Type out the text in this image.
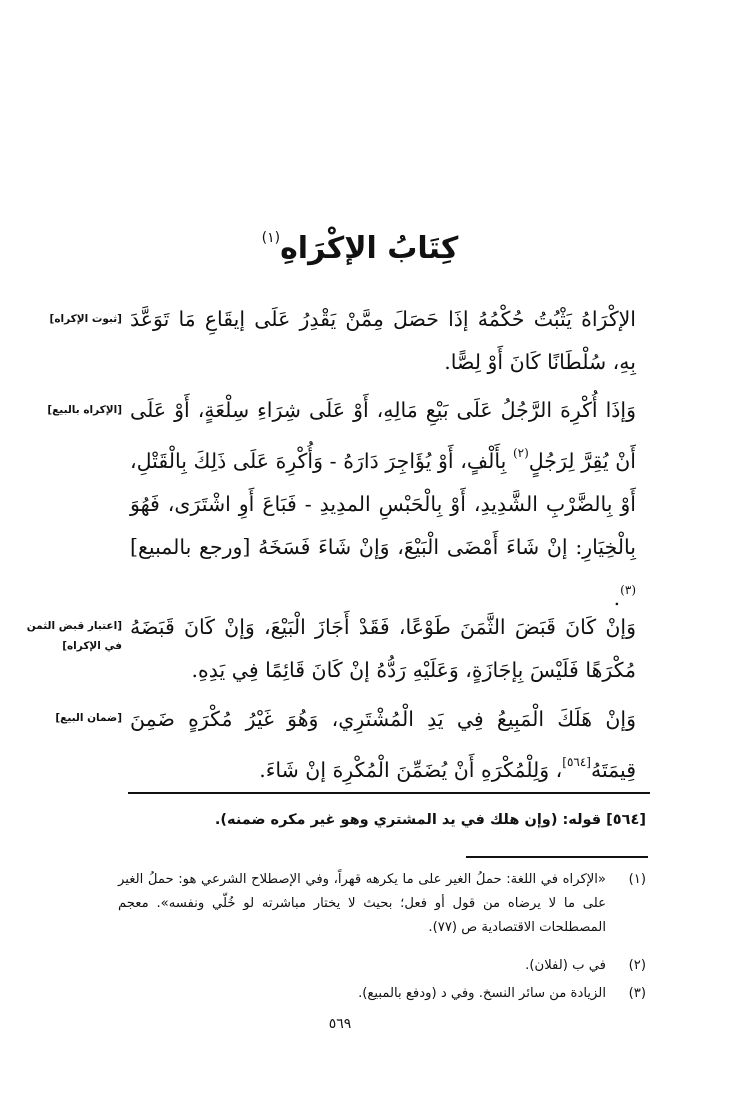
كِتَابُ الإكْرَاهِ$^{(١)}$
[ثبوت الإكراه] الإكْرَاهُ يَثْبُتُ حُكْمُهُ إذَا حَصَلَ مِمَّنْ يَقْدِرُ عَلَى إيقَاعِ مَا تَوَعَّدَ بِهِ، سُلْطَانًا كَانَ أَوْ لِصًّا.
[الإكراه بالبيع] وَإذَا أُكْرِهَ الرَّجُلُ عَلَى بَيْعِ مَالِهِ، أَوْ عَلَى شِرَاءِ سِلْعَةٍ، أَوْ عَلَى أَنْ يُقِرَّ لِرَجُلٍ$^{(٢)}$ بِأَلْفٍ، أَوْ يُؤَاجِرَ دَارَهُ - وَأُكْرِهَ عَلَى ذَلِكَ بِالْقَتْلِ، أَوْ بِالضَّرْبِ الشَّدِيدِ، أَوْ بِالْحَبْسِ المدِيدِ - فَبَاعَ أَوِ اشْتَرَى، فَهُوَ بِالْخِيَارِ: إنْ شَاءَ أَمْضَى الْبَيْعَ، وَإنْ شَاءَ فَسَخَهُ [ورجع بالمبيع]$^{(٣)}$.
[اعتبار قبض الثمن في الإكراه]
وَإنْ كَانَ قَبَضَ الثَّمَنَ طَوْعًا، فَقَدْ أَجَازَ الْبَيْعَ، وَإنْ كَانَ قَبَضَهُ مُكْرَهًا فَلَيْسَ بِإجَازَةٍ، وَعَلَيْهِ رَدُّهُ إنْ كَانَ قَائِمًا فِي يَدِهِ.
[ضمان البيع] وَإنْ هَلَكَ الْمَبِيعُ فِي يَدِ الْمُشْتَرِي، وَهُوَ غَيْرُ مُكْرَهٍ ضَمِنَ قِيمَتَهُ[٥٦٤]، وَلِلْمُكْرَهِ أَنْ يُضَمِّنَ الْمُكْرِهَ إنْ شَاءَ.
[٥٦٤] قوله: (وإن هلك في يد المشتري وهو غير مكره ضمنه).
(١)
«الإكراه في اللغة: حملُ الغير على ما يكرهه قهراً، وفي الإصطلاح الشرعي هو: حملُ الغير على ما لا يرضاه من قول أو فعل؛ بحيث لا يختار مباشرته لو خُلّي ونفسه». معجم المصطلحات الاقتصادية ص (٧٧).
(٢)
في ب (لفلان).
(٣)
الزيادة من سائر النسخ. وفي د (ودفع بالمبيع).
٥٦٩
